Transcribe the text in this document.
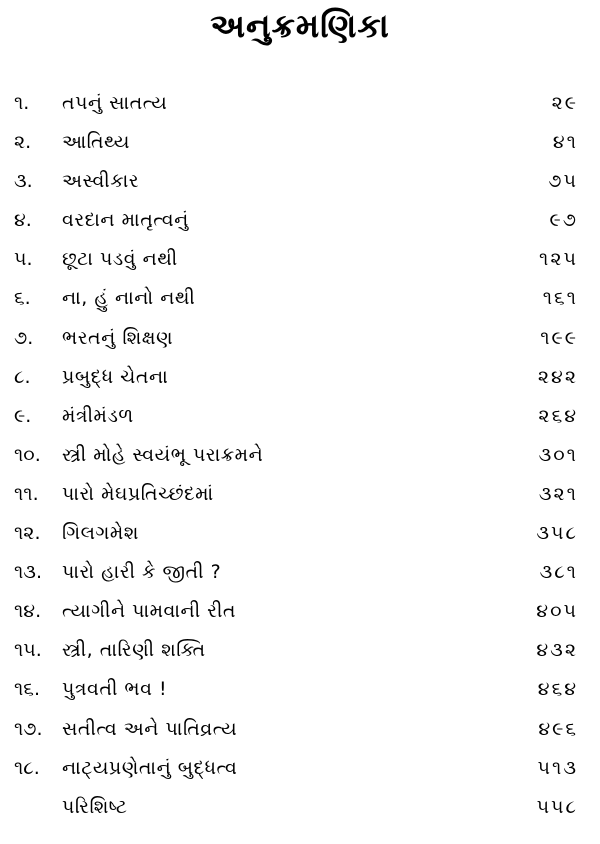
અનુક્રમણિકા
૧. તપનું સાતત્ય	૨૯
૨. આતિથ્ય	૪૧
૩. અસ્વીકાર	૭૫
૪. વરદાન માતૃત્વનું	૯૭
૫. છૂટા પડવું નથી	૧૨૫
૬. ના, હું નાનો નથી	૧૬૧
૭. ભરતનું શિક્ષણ	૧૯૯
૮. પ્રબુદ્ધ ચેતના	૨૪૨
૯. મંત્રીમંડળ	૨૬૪
૧૦. સ્ત્રી મોહે સ્વયંભૂ પરાક્રમને	૩૦૧
૧૧. પારો મેઘપ્રતિચ્છંદમાં	૩૨૧
૧૨. ગિલગમેશ	૩૫૮
૧૩. પારો હારી કે જીતી ?	૩૮૧
૧૪. ત્યાગીને પામવાની રીત	૪૦૫
૧૫. સ્ત્રી, તારિણી શક્તિ	૪૩૨
૧૬. પુત્રવતી ભવ !	૪૬૪
૧૭. સતીત્વ અને પાતિવ્રત્ય	૪૯૬
૧૮. નાટ્યપ્રણેતાનું બુદ્ધત્વ	૫૧૩
પરિશિષ્ટ	૫૫૮
